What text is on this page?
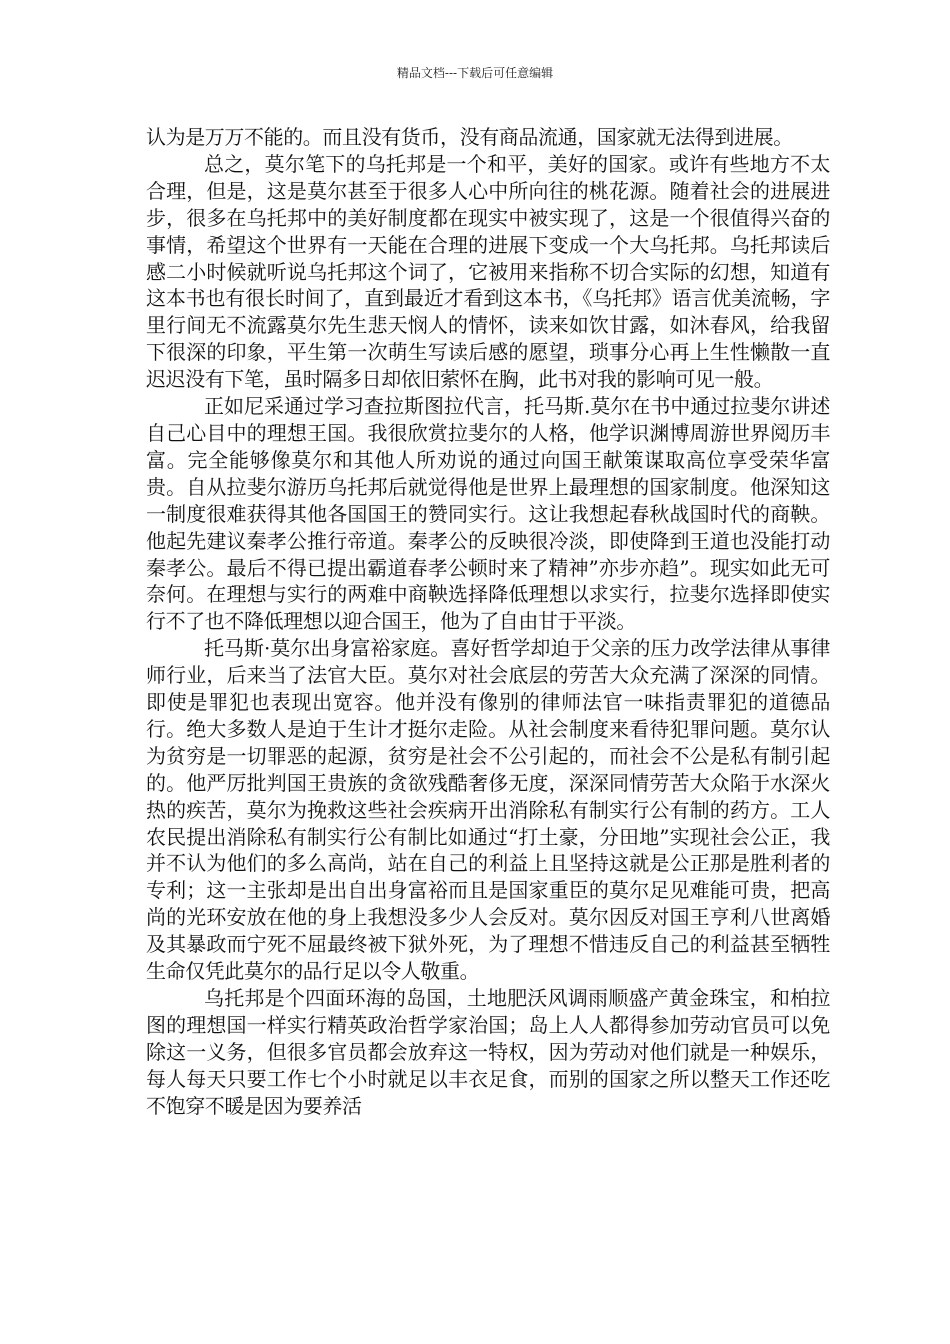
精品文档---下载后可任意编辑

认为是万万不能的。而且没有货币，没有商品流通，国家就无法得到进展。

总之，莫尔笔下的乌托邦是一个和平，美好的国家。或许有些地方不太合理，但是，这是莫尔甚至于很多人心中所向往的桃花源。随着社会的进展进步，很多在乌托邦中的美好制度都在现实中被实现了，这是一个很值得兴奋的事情，希望这个世界有一天能在合理的进展下变成一个大乌托邦。乌托邦读后感二小时候就听说乌托邦这个词了，它被用来指称不切合实际的幻想，知道有这本书也有很长时间了，直到最近才看到这本书，《乌托邦》语言优美流畅，字里行间无不流露莫尔先生悲天悯人的情怀，读来如饮甘露，如沐春风，给我留下很深的印象，平生第一次萌生写读后感的愿望，琐事分心再上生性懒散一直迟迟没有下笔，虽时隔多日却依旧萦怀在胸，此书对我的影响可见一般。

正如尼采通过学习查拉斯图拉代言，托马斯.莫尔在书中通过拉斐尔讲述自己心目中的理想王国。我很欣赏拉斐尔的人格，他学识渊博周游世界阅历丰富。完全能够像莫尔和其他人所劝说的通过向国王献策谋取高位享受荣华富贵。自从拉斐尔游历乌托邦后就觉得他是世界上最理想的国家制度。他深知这一制度很难获得其他各国国王的赞同实行。这让我想起春秋战国时代的商鞅。他起先建议秦孝公推行帝道。秦孝公的反映很冷淡，即使降到王道也没能打动秦孝公。最后不得已提出霸道春孝公顿时来了精神”亦步亦趋”。现实如此无可奈何。在理想与实行的两难中商鞅选择降低理想以求实行，拉斐尔选择即使实行不了也不降低理想以迎合国王，他为了自由甘于平淡。

托马斯·莫尔出身富裕家庭。喜好哲学却迫于父亲的压力改学法律从事律师行业，后来当了法官大臣。莫尔对社会底层的劳苦大众充满了深深的同情。即使是罪犯也表现出宽容。他并没有像别的律师法官一味指责罪犯的道德品行。绝大多数人是迫于生计才挺尔走险。从社会制度来看待犯罪问题。莫尔认为贫穷是一切罪恶的起源，贫穷是社会不公引起的，而社会不公是私有制引起的。他严厉批判国王贵族的贪欲残酷奢侈无度，深深同情劳苦大众陷于水深火热的疾苦，莫尔为挽救这些社会疾病开出消除私有制实行公有制的药方。工人农民提出消除私有制实行公有制比如通过“打土豪，分田地”实现社会公正，我并不认为他们的多么高尚，站在自己的利益上且坚持这就是公正那是胜利者的专利；这一主张却是出自出身富裕而且是国家重臣的莫尔足见难能可贵，把高尚的光环安放在他的身上我想没多少人会反对。莫尔因反对国王亨利八世离婚及其暴政而宁死不屈最终被下狱外死，为了理想不惜违反自己的利益甚至牺牲生命仅凭此莫尔的品行足以令人敬重。

乌托邦是个四面环海的岛国，土地肥沃风调雨顺盛产黄金珠宝，和柏拉图的理想国一样实行精英政治哲学家治国；岛上人人都得参加劳动官员可以免除这一义务，但很多官员都会放弃这一特权，因为劳动对他们就是一种娱乐，每人每天只要工作七个小时就足以丰衣足食，而别的国家之所以整天工作还吃不饱穿不暖是因为要养活
